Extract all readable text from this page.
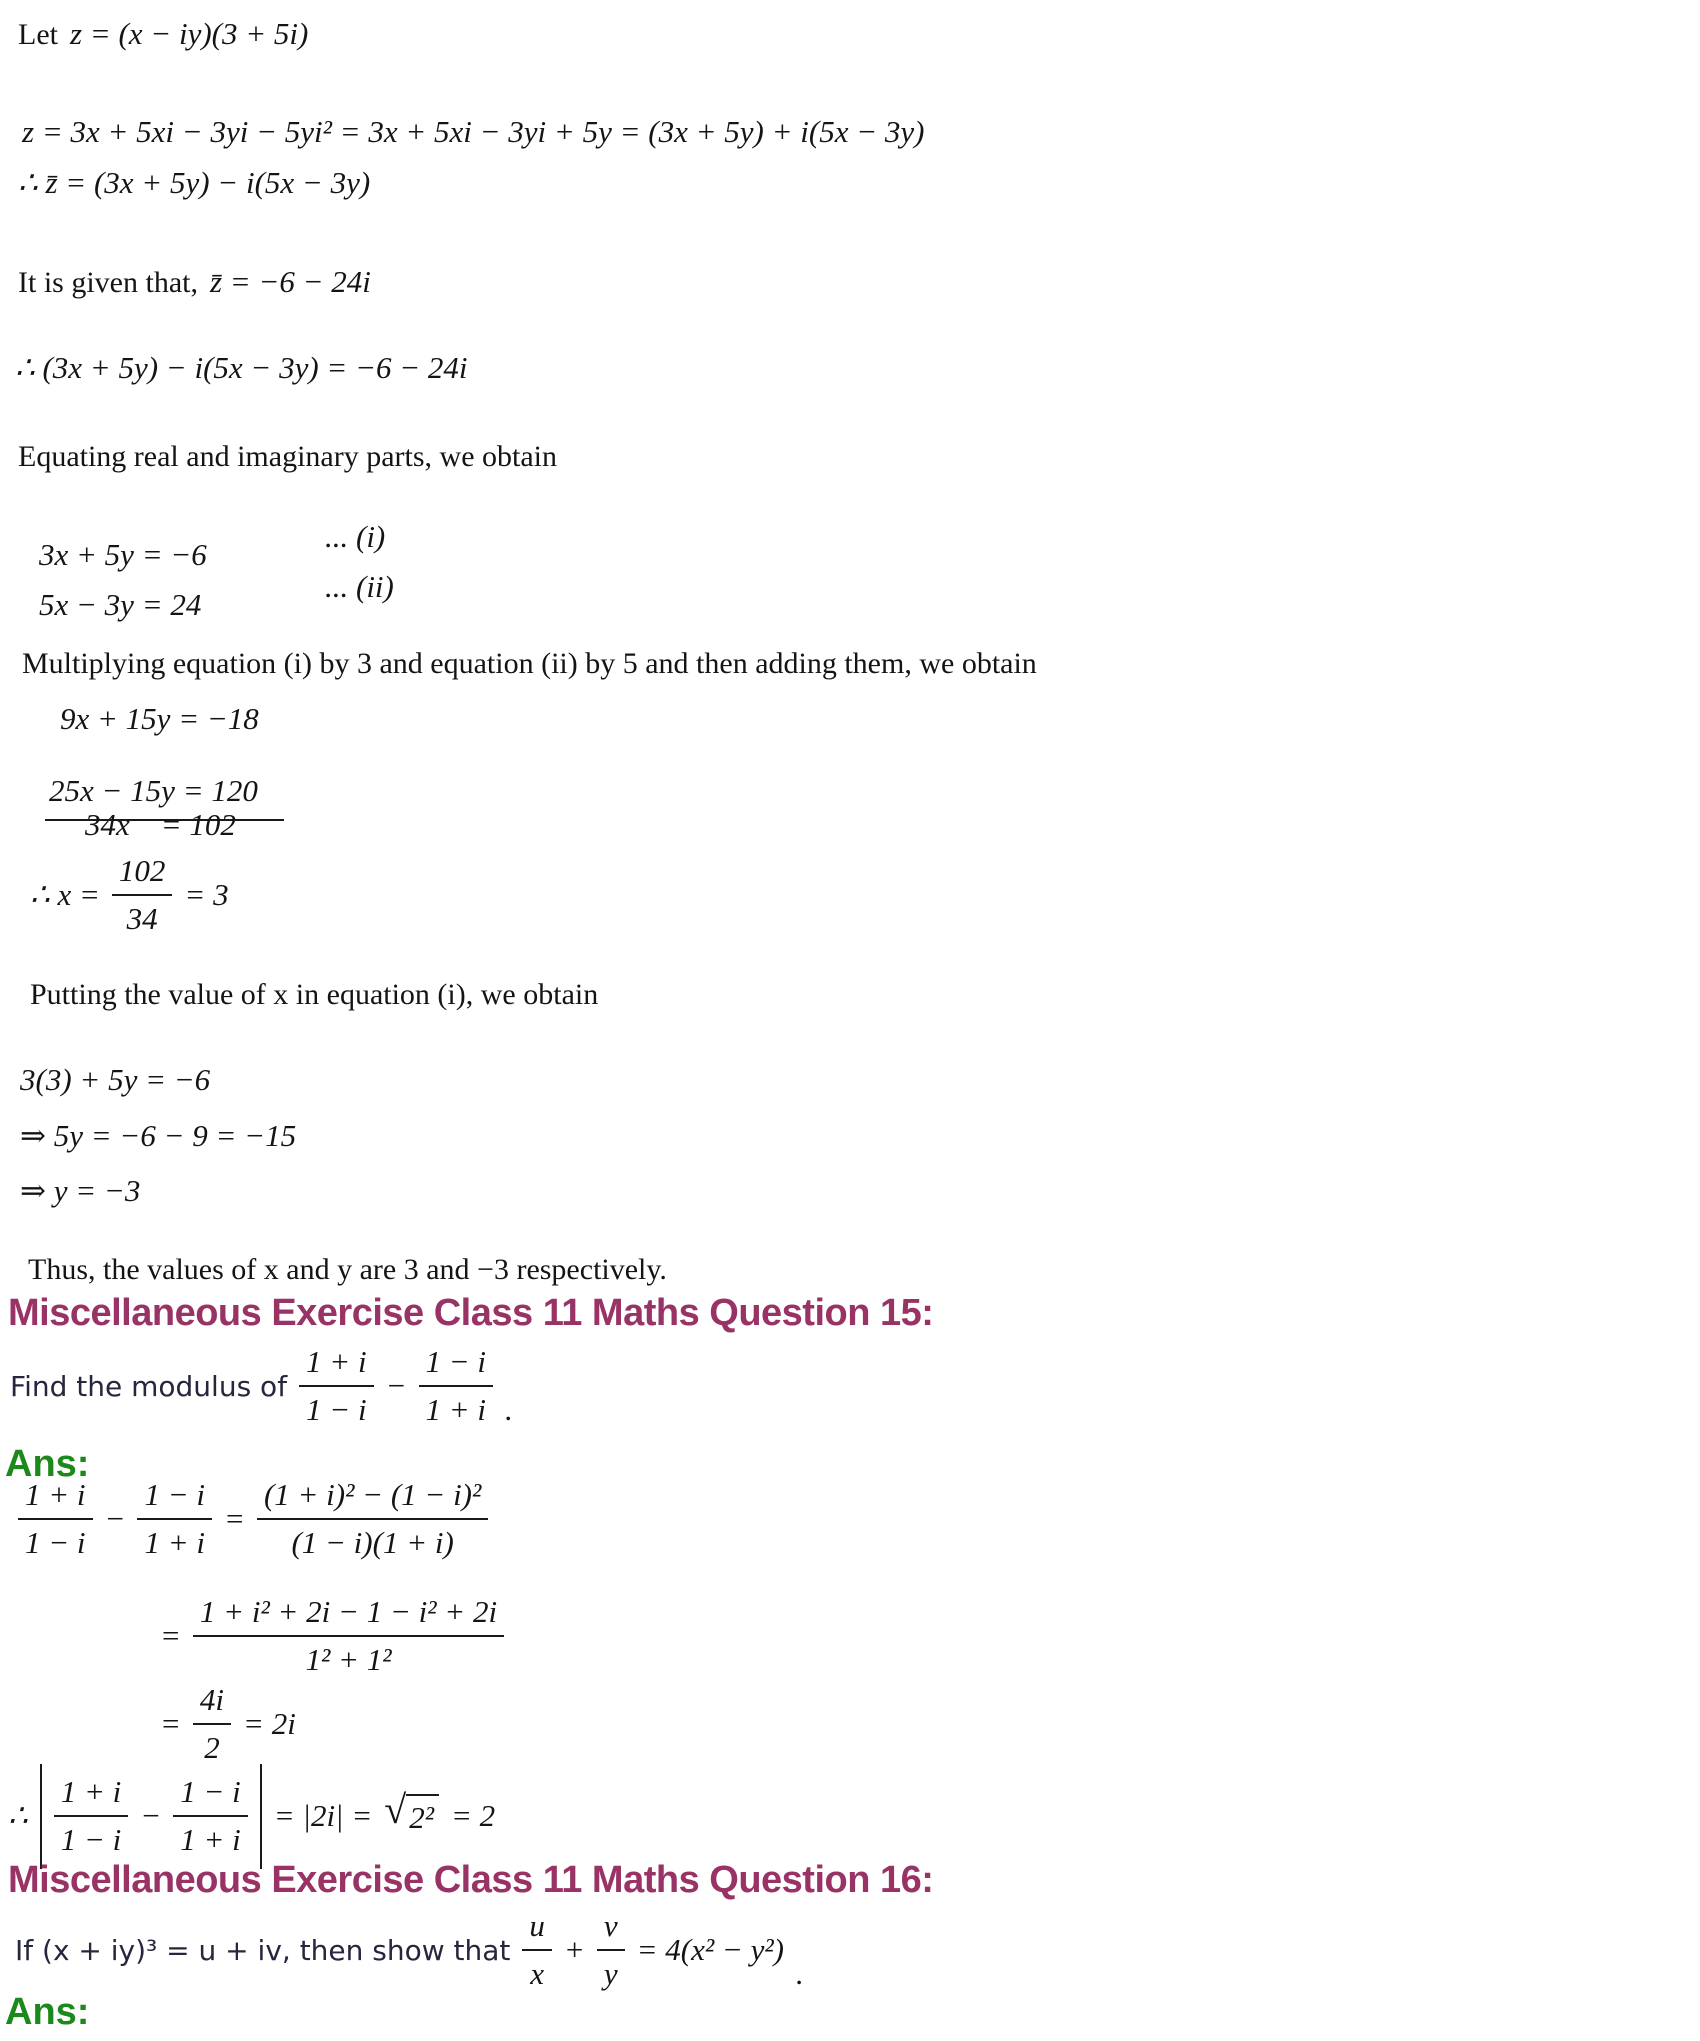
Let z = (x − iy)(3 + 5i)
z = 3x + 5xi − 3yi − 5yi² = 3x + 5xi − 3yi + 5y = (3x + 5y) + i(5x − 3y)
∴ z̄ = (3x + 5y) − i(5x − 3y)
It is given that, z̄ = −6 − 24i
∴ (3x + 5y) − i(5x − 3y) = −6 − 24i
Equating real and imaginary parts, we obtain

3x + 5y = −6

... (i)

5x − 3y = 24

... (ii)

Multiplying equation (i) by 3 and equation (ii) by 5 and then adding them, we obtain
9x + 15y = −18

25x − 15y = 120

34x    = 102
∴ $x = \frac{102}{34} = 3$
Putting the value of x in equation (i), we obtain
3(3) + 5y = −6
⇒ 5y = −6 − 9 = −15
⇒ y = −3
Thus, the values of x and y are 3 and −3 respectively.
Miscellaneous Exercise Class 11 Maths Question 15:
Find the modulus of $\frac{1 + i}{1 - i} - \frac{1 - i}{1 + i}$ .
Ans:
$\frac{1 + i}{1 - i} - \frac{1 - i}{1 + i} = \frac{\text{(1 + i)² − (1 − i)²}}{(1 - i)(1 + i)}$
= $\frac{\text{1 + i² + 2i − 1 − i² + 2i}}{\text{1² + 1²}}$
= $\frac{4i}{2} = 2i$
∴ $\frac{1 + i}{1 - i} - \frac{1 - i}{1 + i} = |2i|$ = √ 2² = 2
Miscellaneous Exercise Class 11 Maths Question 16:
If (x + iy)³ = u + iv, then show that $\frac{u}{x} + \frac{v}{y} = 4(x^2 - y^2)$
.
Ans:
